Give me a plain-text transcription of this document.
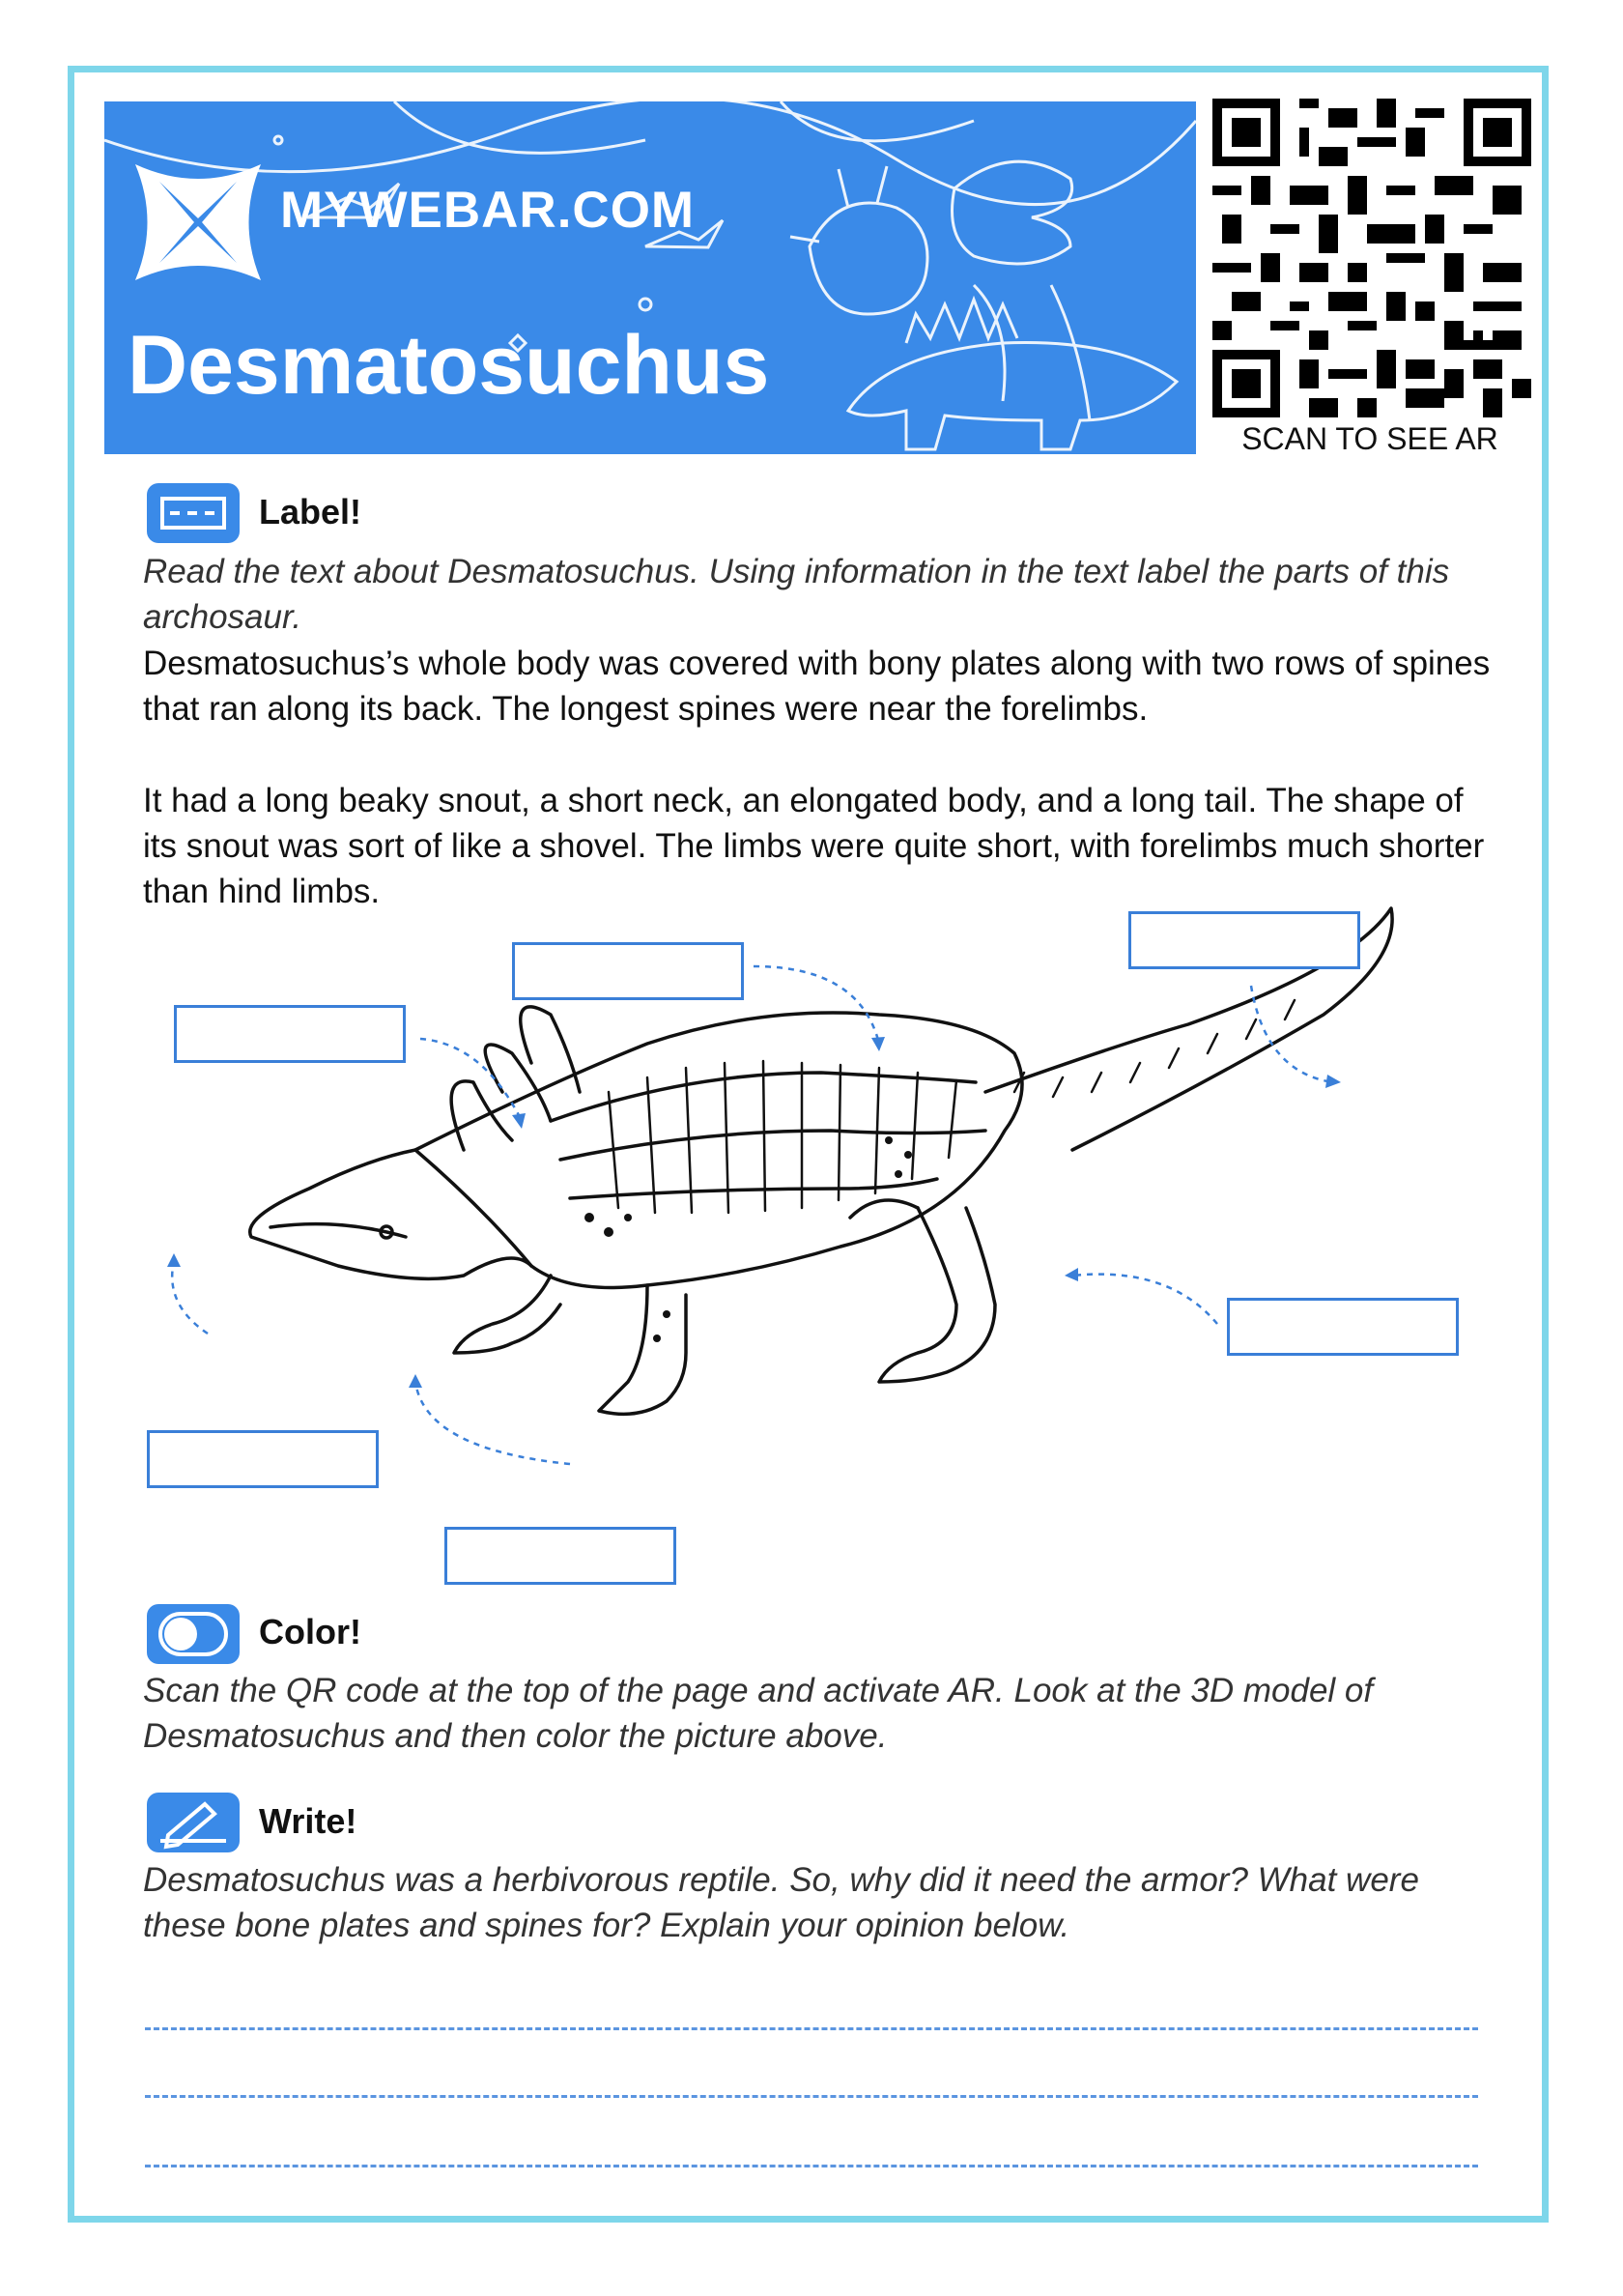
MYWEBAR.COM
Desmatosuchus
SCAN TO SEE AR
Label!

Read the text about Desmatosuchus. Using information in the text label the parts of this archosaur.

Desmatosuchus’s whole body was covered with bony plates along with two rows of spines that ran along its back. The longest spines were near the forelimbs.

It had a long beaky snout, a short neck, an elongated body, and a long tail. The shape of its snout was sort of like a shovel. The limbs were quite short, with forelimbs much shorter than hind limbs.

Color!

Scan the QR code at the top of the page and activate AR. Look at the 3D model of Desmatosuchus and then color the picture above.

Write!

Desmatosuchus was a herbivorous reptile. So, why did it need the armor? What were these bone plates and spines for? Explain your opinion below.
